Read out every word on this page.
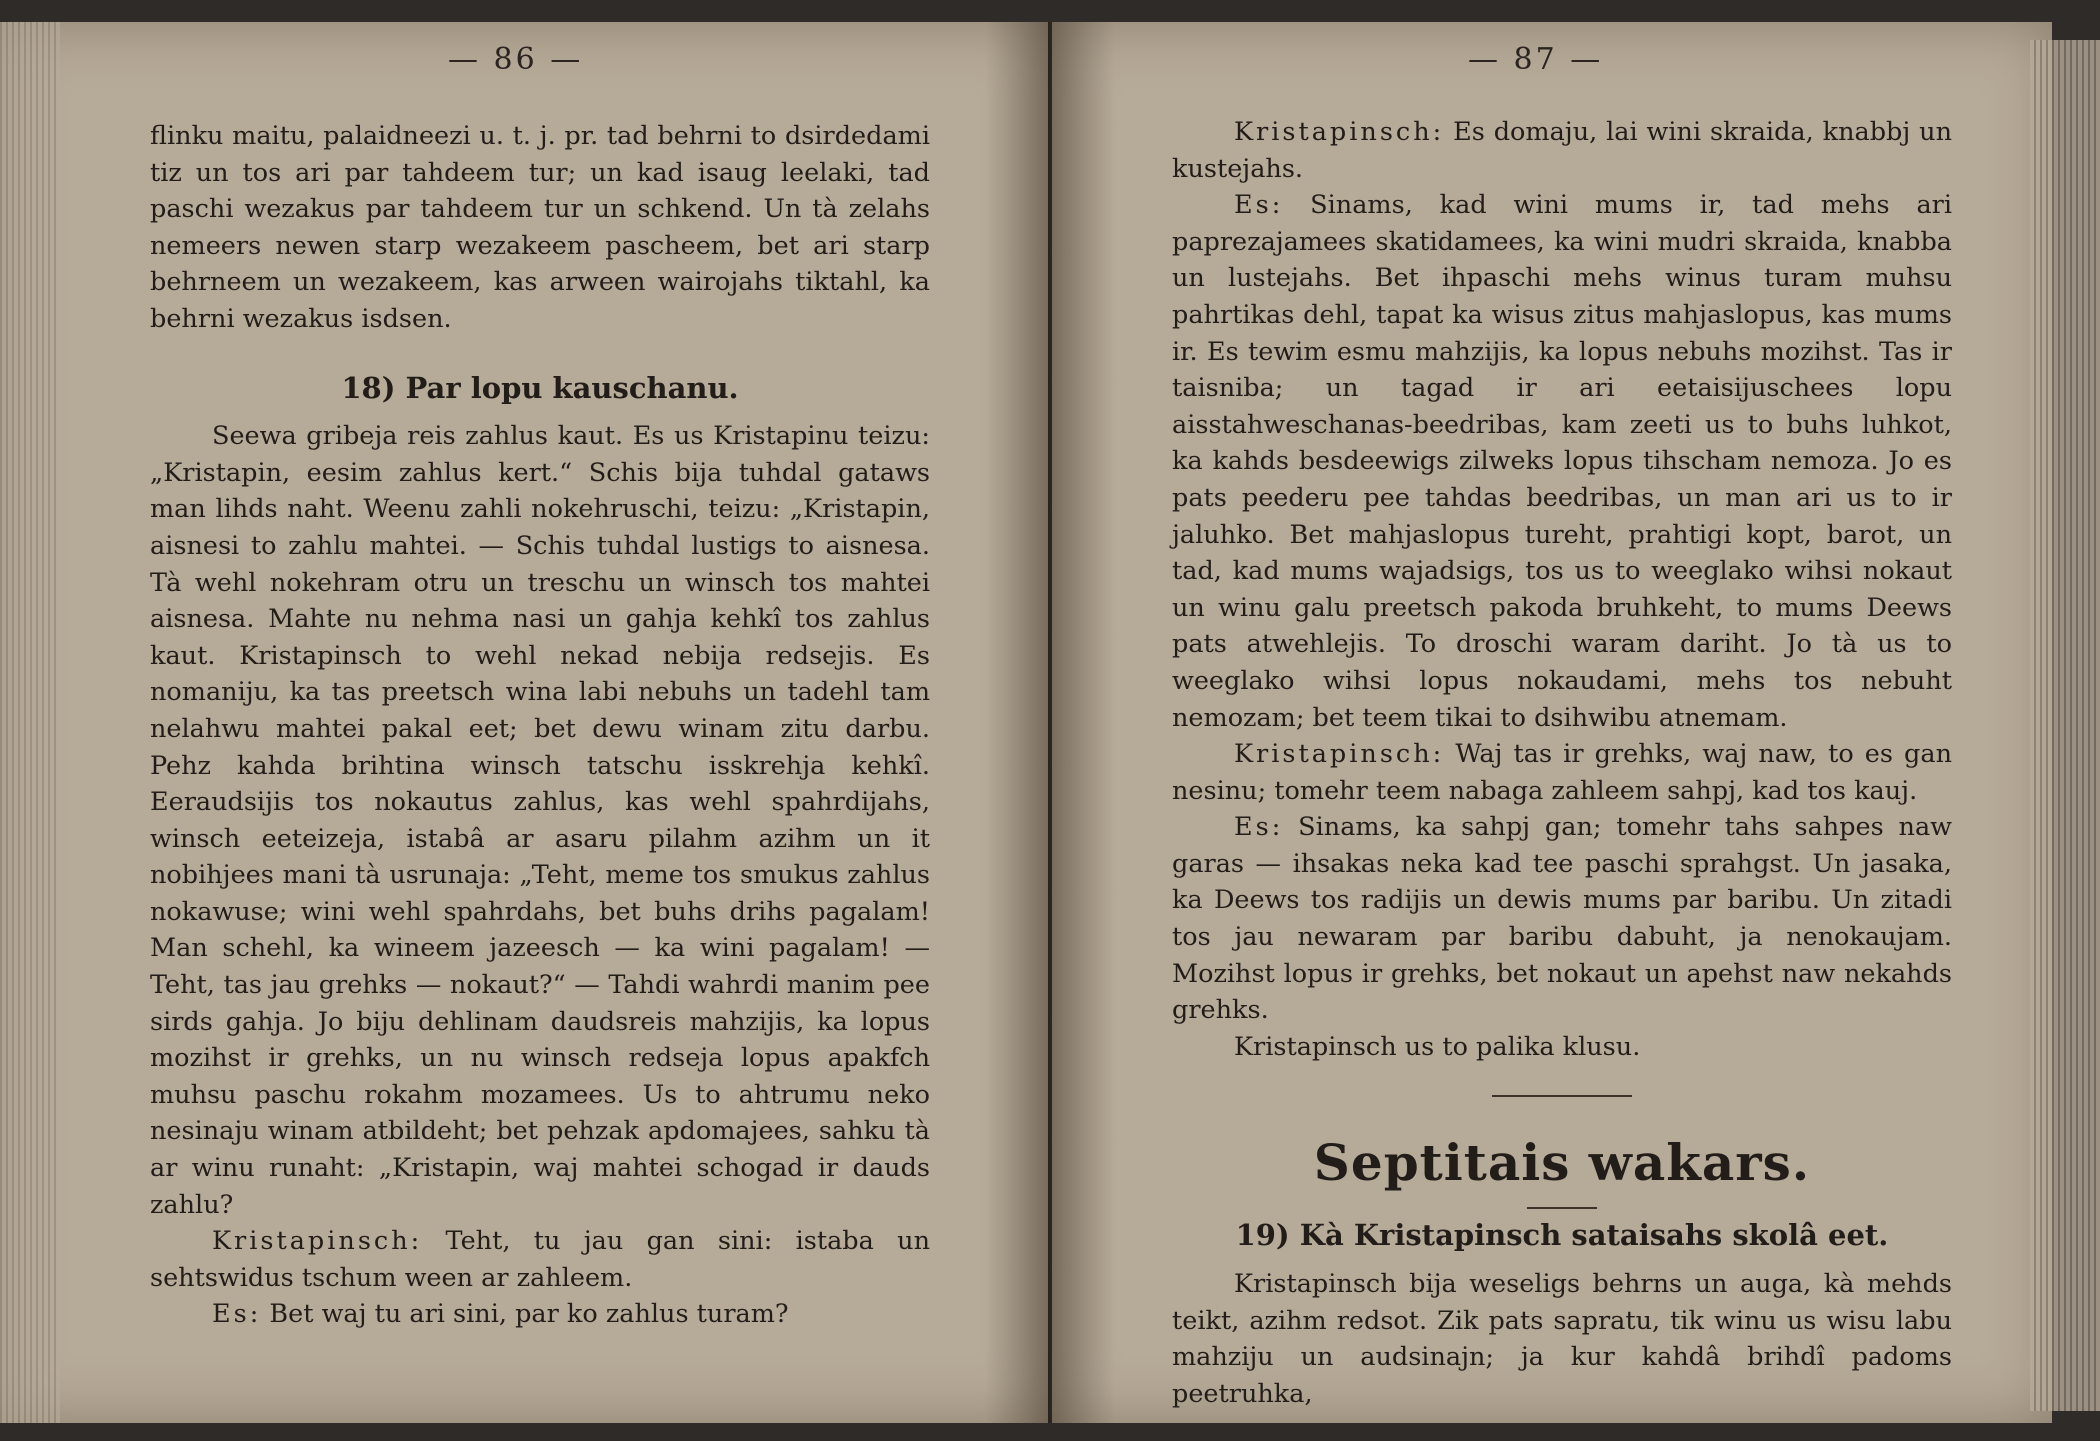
— 86 —

flinku maitu, palaidneezi u. t. j. pr. tad behrni to dsirdedami tiz un tos ari par tahdeem tur; un kad isaug leelaki, tad paschi wezakus par tahdeem tur un schkend. Un tà zelahs nemeers newen starp wezakeem pascheem, bet ari starp behrneem un wezakeem, kas arween wairojahs tiktahl, ka behrni wezakus isdsen.

18) Par lopu kauschanu.

Seewa gribeja reis zahlus kaut. Es us Kristapinu teizu: „Kristapin, eesim zahlus kert.“ Schis bija tuhdal gataws man lihds naht. Weenu zahli nokehruschi, teizu: „Kristapin, aisnesi to zahlu mahtei. — Schis tuhdal lustigs to aisnesa. Tà wehl nokehram otru un treschu un winsch tos mahtei aisnesa. Mahte nu nehma nasi un gahja kehkî tos zahlus kaut. Kristapinsch to wehl nekad nebija redsejis. Es nomaniju, ka tas preetsch wina labi nebuhs un tadehl tam nelahwu mahtei pakal eet; bet dewu winam zitu darbu. Pehz kahda brihtina winsch tatschu isskrehja kehkî. Eeraudsijis tos nokautus zahlus, kas wehl spahrdijahs, winsch eeteizeja, istabâ ar asaru pilahm azihm un it nobihjees mani tà usrunaja: „Teht, meme tos smukus zahlus nokawuse; wini wehl spahrdahs, bet buhs drihs pagalam! Man schehl, ka wineem jazeesch — ka wini pagalam! — Teht, tas jau grehks — nokaut?“ — Tahdi wahrdi manim pee sirds gahja. Jo biju dehlinam daudsreis mahzijis, ka lopus mozihst ir grehks, un nu winsch redseja lopus apakfch muhsu paschu rokahm mozamees. Us to ahtrumu neko nesinaju winam atbildeht; bet pehzak apdomajees, sahku tà ar winu runaht: „Kristapin, waj mahtei schogad ir dauds zahlu?

Kristapinsch: Teht, tu jau gan sini: istaba un sehtswidus tschum ween ar zahleem.

Es: Bet waj tu ari sini, par ko zahlus turam?

— 87 —

Kristapinsch: Es domaju, lai wini skraida, knabbj un kustejahs.

Es: Sinams, kad wini mums ir, tad mehs ari paprezajamees skatidamees, ka wini mudri skraida, knabba un lustejahs. Bet ihpaschi mehs winus turam muhsu pahrtikas dehl, tapat ka wisus zitus mahjaslopus, kas mums ir. Es tewim esmu mahzijis, ka lopus nebuhs mozihst. Tas ir taisniba; un tagad ir ari eetaisijuschees lopu aisstahweschanas-beedribas, kam zeeti us to buhs luhkot, ka kahds besdeewigs zilweks lopus tihscham nemoza. Jo es pats peederu pee tahdas beedribas, un man ari us to ir jaluhko. Bet mahjaslopus tureht, prahtigi kopt, barot, un tad, kad mums wajadsigs, tos us to weeglako wihsi nokaut un winu galu preetsch pakoda bruhkeht, to mums Deews pats atwehlejis. To droschi waram dariht. Jo tà us to weeglako wihsi lopus nokaudami, mehs tos nebuht nemozam; bet teem tikai to dsihwibu atnemam.

Kristapinsch: Waj tas ir grehks, waj naw, to es gan nesinu; tomehr teem nabaga zahleem sahpj, kad tos kauj.

Es: Sinams, ka sahpj gan; tomehr tahs sahpes naw garas — ihsakas neka kad tee paschi sprahgst. Un jasaka, ka Deews tos radijis un dewis mums par baribu. Un zitadi tos jau newaram par baribu dabuht, ja nenokaujam. Mozihst lopus ir grehks, bet nokaut un apehst naw nekahds grehks.

Kristapinsch us to palika klusu.

Septitais wakars.
19) Kà Kristapinsch sataisahs skolâ eet.

Kristapinsch bija weseligs behrns un auga, kà mehds teikt, azihm redsot. Zik pats sapratu, tik winu us wisu labu mahziju un audsinajn; ja kur kahdâ brihdî padoms peetruhka,
